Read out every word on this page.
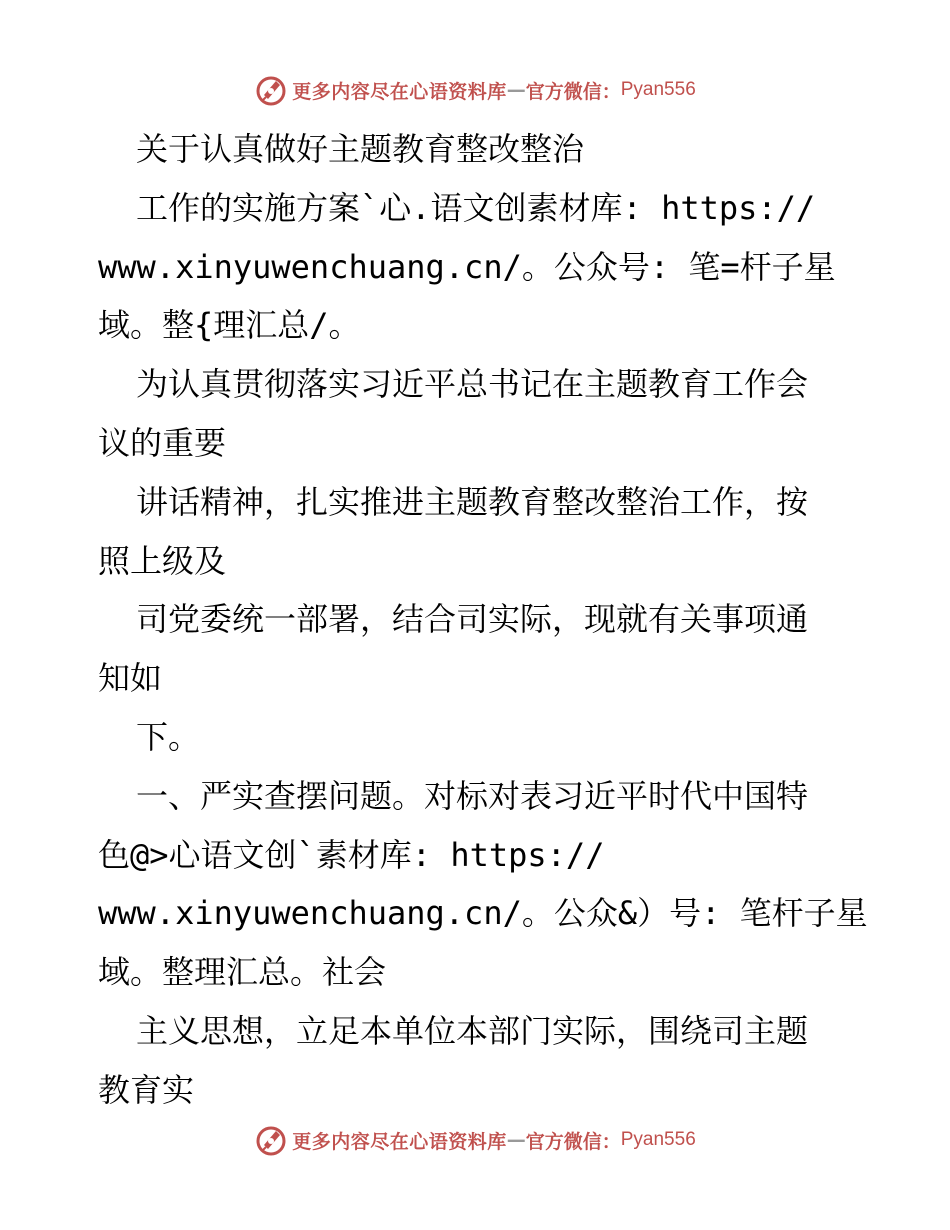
更多内容尽在心语资料库 — 官方微信： Pyan556
关于认真做好主题教育整改整治
工作的实施方案`心.语文创素材库: https://
www.xinyuwenchuang.cn/。公众号: 笔=杆子星
域。整{理汇总/。
为认真贯彻落实习近平总书记在主题教育工作会
议的重要
讲话精神，扎实推进主题教育整改整治工作，按
照上级及
司党委统一部署，结合司实际，现就有关事项通
知如
下。
一、严实查摆问题。对标对表习近平时代中国特
色@>心语文创`素材库: https://
www.xinyuwenchuang.cn/。公众&）号: 笔杆子星
域。整理汇总。社会
主义思想，立足本单位本部门实际，围绕司主题
教育实
更多内容尽在心语资料库 — 官方微信： Pyan556
